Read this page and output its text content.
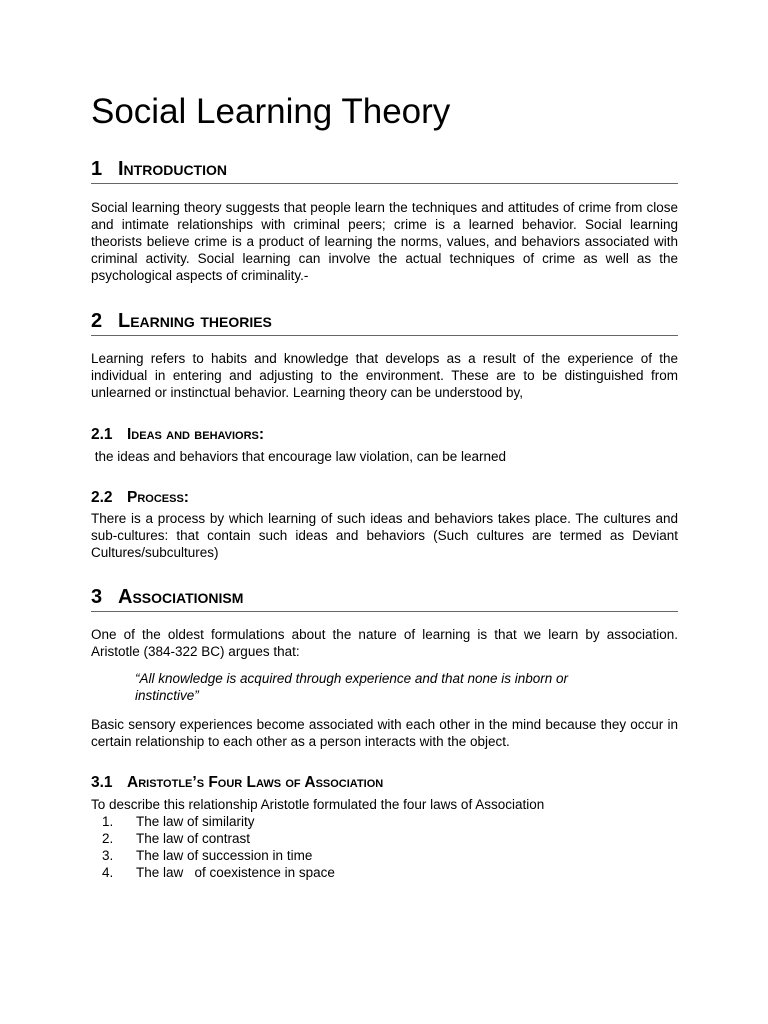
Social Learning Theory
1 Introduction

Social learning theory suggests that people learn the techniques and attitudes of crime from close and intimate relationships with criminal peers; crime is a learned behavior. Social learning theorists believe crime is a product of learning the norms, values, and behaviors associated with criminal activity. Social learning can involve the actual techniques of crime as well as the psychological aspects of criminality.-

2 Learning theories

Learning refers to habits and knowledge that develops as a result of the experience of the individual in entering and adjusting to the environment. These are to be distinguished from unlearned or instinctual behavior. Learning theory can be understood by,

2.1 Ideas and behaviors:

the ideas and behaviors that encourage law violation, can be learned

2.2 Process:

There is a process by which learning of such ideas and behaviors takes place. The cultures and sub-cultures: that contain such ideas and behaviors (Such cultures are termed as Deviant Cultures/subcultures)

3 Associationism

One of the oldest formulations about the nature of learning is that we learn by association. Aristotle (384-322 BC) argues that:

“All knowledge is acquired through experience and that none is inborn or instinctive”

Basic sensory experiences become associated with each other in the mind because they occur in certain relationship to each other as a person interacts with the object.

3.1 Aristotle’s Four Laws of Association

To describe this relationship Aristotle formulated the four laws of Association

1. The law of similarity
2. The law of contrast
3. The law of succession in time
4. The law   of coexistence in space
